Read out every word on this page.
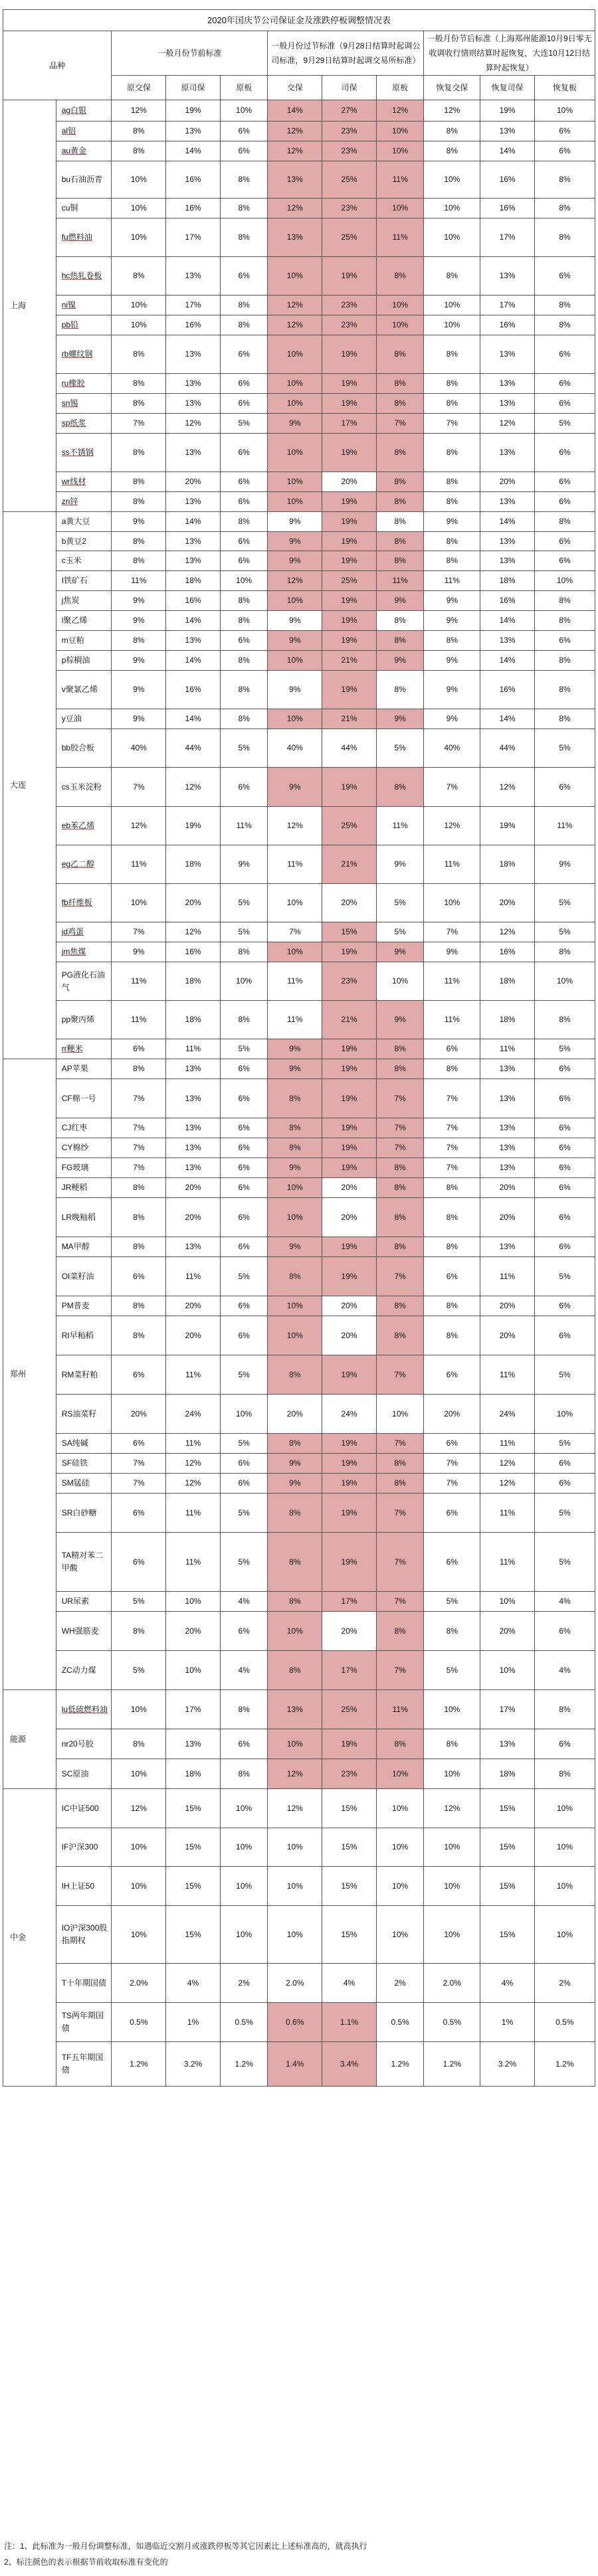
2020年国庆节公司保证金及涨跌停板调整情况表										
品种		一般月份节前标准			一般月份过节标准（9月28日结算时起调公司标准，9月29日结算时起调交易所标准）			一般月份节后标准（上海郑州能源10月9日零无收调收行情则结算时起恢复，大连10月12日结算时起恢复）		
		原交保	原司保	原板	交保	司保	原板	恢复交保	恢复司保	恢复板
上海	ag白银	12%	19%	10%	14%	27%	12%	12%	19%	10%
	al铝	8%	13%	6%	12%	23%	10%	8%	13%	6%
	au黄金	8%	14%	6%	12%	23%	10%	8%	14%	6%
	bu石油沥青	10%	16%	8%	13%	25%	11%	10%	16%	8%
	cu铜	10%	16%	8%	12%	23%	10%	10%	16%	8%
	fu燃料油	10%	17%	8%	13%	25%	11%	10%	17%	8%
	hc热轧卷板	8%	13%	6%	10%	19%	8%	8%	13%	6%
	ni镍	10%	17%	8%	12%	23%	10%	10%	17%	8%
	pb铅	10%	16%	8%	12%	23%	10%	10%	16%	8%
	rb螺纹钢	8%	13%	6%	10%	19%	8%	8%	13%	6%
	ru橡胶	8%	13%	6%	10%	19%	8%	8%	13%	6%
	sn锡	8%	13%	6%	10%	19%	8%	8%	13%	6%
	sp纸浆	7%	12%	5%	9%	17%	7%	7%	12%	5%
	ss不锈钢	8%	13%	6%	10%	19%	8%	8%	13%	6%
	wr线材	8%	20%	6%	10%	20%	8%	8%	20%	6%
	zn锌	8%	13%	6%	10%	19%	8%	8%	13%	6%
大连	a黄大豆	9%	14%	8%	9%	19%	8%	9%	14%	8%
	b黄豆2	8%	13%	6%	9%	19%	8%	8%	13%	6%
	c玉米	8%	13%	6%	9%	19%	8%	8%	13%	6%
	I铁矿石	11%	18%	10%	12%	25%	11%	11%	18%	10%
	j焦炭	9%	16%	8%	10%	19%	9%	9%	16%	8%
	l聚乙烯	9%	14%	8%	9%	19%	8%	9%	14%	8%
	m豆粕	8%	13%	6%	9%	19%	8%	8%	13%	6%
	p棕榈油	9%	14%	8%	10%	21%	9%	9%	14%	8%
	v聚氯乙烯	9%	16%	8%	9%	19%	8%	9%	16%	8%
	y豆油	9%	14%	8%	10%	21%	9%	9%	14%	8%
	bb胶合板	40%	44%	5%	40%	44%	5%	40%	44%	5%
	cs玉米淀粉	7%	12%	6%	9%	19%	8%	7%	12%	6%
	eb苯乙烯	12%	19%	11%	12%	25%	11%	12%	19%	11%
	eg乙二醇	11%	18%	9%	11%	21%	9%	11%	18%	9%
	fb纤维板	10%	20%	5%	10%	20%	5%	10%	20%	5%
	jd鸡蛋	7%	12%	5%	7%	15%	5%	7%	12%	5%
	jm焦煤	9%	16%	8%	10%	19%	9%	9%	16%	8%
	PG液化石油气	11%	18%	10%	11%	23%	10%	11%	18%	10%
	pp聚丙烯	11%	18%	8%	11%	21%	9%	11%	18%	8%
	rr粳米	6%	11%	5%	9%	19%	8%	6%	11%	5%
郑州	AP苹果	8%	13%	6%	9%	19%	8%	8%	13%	6%
	CF棉一号	7%	13%	6%	8%	19%	7%	7%	13%	6%
	CJ红枣	7%	13%	6%	8%	19%	7%	7%	13%	6%
	CY棉纱	7%	13%	6%	8%	19%	7%	7%	13%	6%
	FG玻璃	7%	13%	6%	9%	19%	8%	7%	13%	6%
	JR粳稻	8%	20%	6%	10%	20%	8%	8%	20%	6%
	LR晚籼稻	8%	20%	6%	10%	20%	8%	8%	20%	6%
	MA甲醇	8%	13%	6%	9%	19%	8%	8%	13%	6%
	OI菜籽油	6%	11%	5%	8%	19%	7%	6%	11%	5%
	PM普麦	8%	20%	6%	10%	20%	8%	8%	20%	6%
	RI早籼稻	8%	20%	6%	10%	20%	8%	8%	20%	6%
	RM菜籽粕	6%	11%	5%	8%	19%	7%	6%	11%	5%
	RS油菜籽	20%	24%	10%	20%	24%	10%	20%	24%	10%
	SA纯碱	6%	11%	5%	8%	19%	7%	6%	11%	5%
	SF硅铁	7%	12%	6%	9%	19%	8%	7%	12%	6%
	SM锰硅	7%	12%	6%	9%	19%	8%	7%	12%	6%
	SR白砂糖	6%	11%	5%	8%	19%	7%	6%	11%	5%
	TA精对苯二甲酸	6%	11%	5%	8%	19%	7%	6%	11%	5%
	UR尿素	5%	10%	4%	8%	17%	7%	5%	10%	4%
	WH强筋麦	8%	20%	6%	10%	20%	8%	8%	20%	6%
	ZC动力煤	5%	10%	4%	8%	17%	7%	5%	10%	4%
能源	lu低硫燃料油	10%	17%	8%	13%	25%	11%	10%	17%	8%
	nr20号胶	8%	13%	6%	10%	19%	8%	8%	13%	6%
	SC原油	10%	18%	8%	12%	23%	10%	10%	18%	8%
中金	IC中证500	12%	15%	10%	12%	15%	10%	12%	15%	10%
	IF沪深300	10%	15%	10%	10%	15%	10%	10%	15%	10%
	IH上证50	10%	15%	10%	10%	15%	10%	10%	15%	10%
	IO沪深300股指期权	10%	15%	10%	10%	15%	10%	10%	15%	10%
	T十年期国债	2.0%	4%	2%	2.0%	4%	2%	2.0%	4%	2%
	TS两年期国债	0.5%	1%	0.5%	0.6%	1.1%	0.5%	0.5%	1%	0.5%
	TF五年期国债	1.2%	3.2%	1.2%	1.4%	3.4%	1.2%	1.2%	3.2%	1.2%
注：1、此标准为一般月份调整标准，如遇临近交割月或涨跌停板等其它因素比上述标准高的，就高执行
2、标注颜色的表示根据节前收取标准有变化的
